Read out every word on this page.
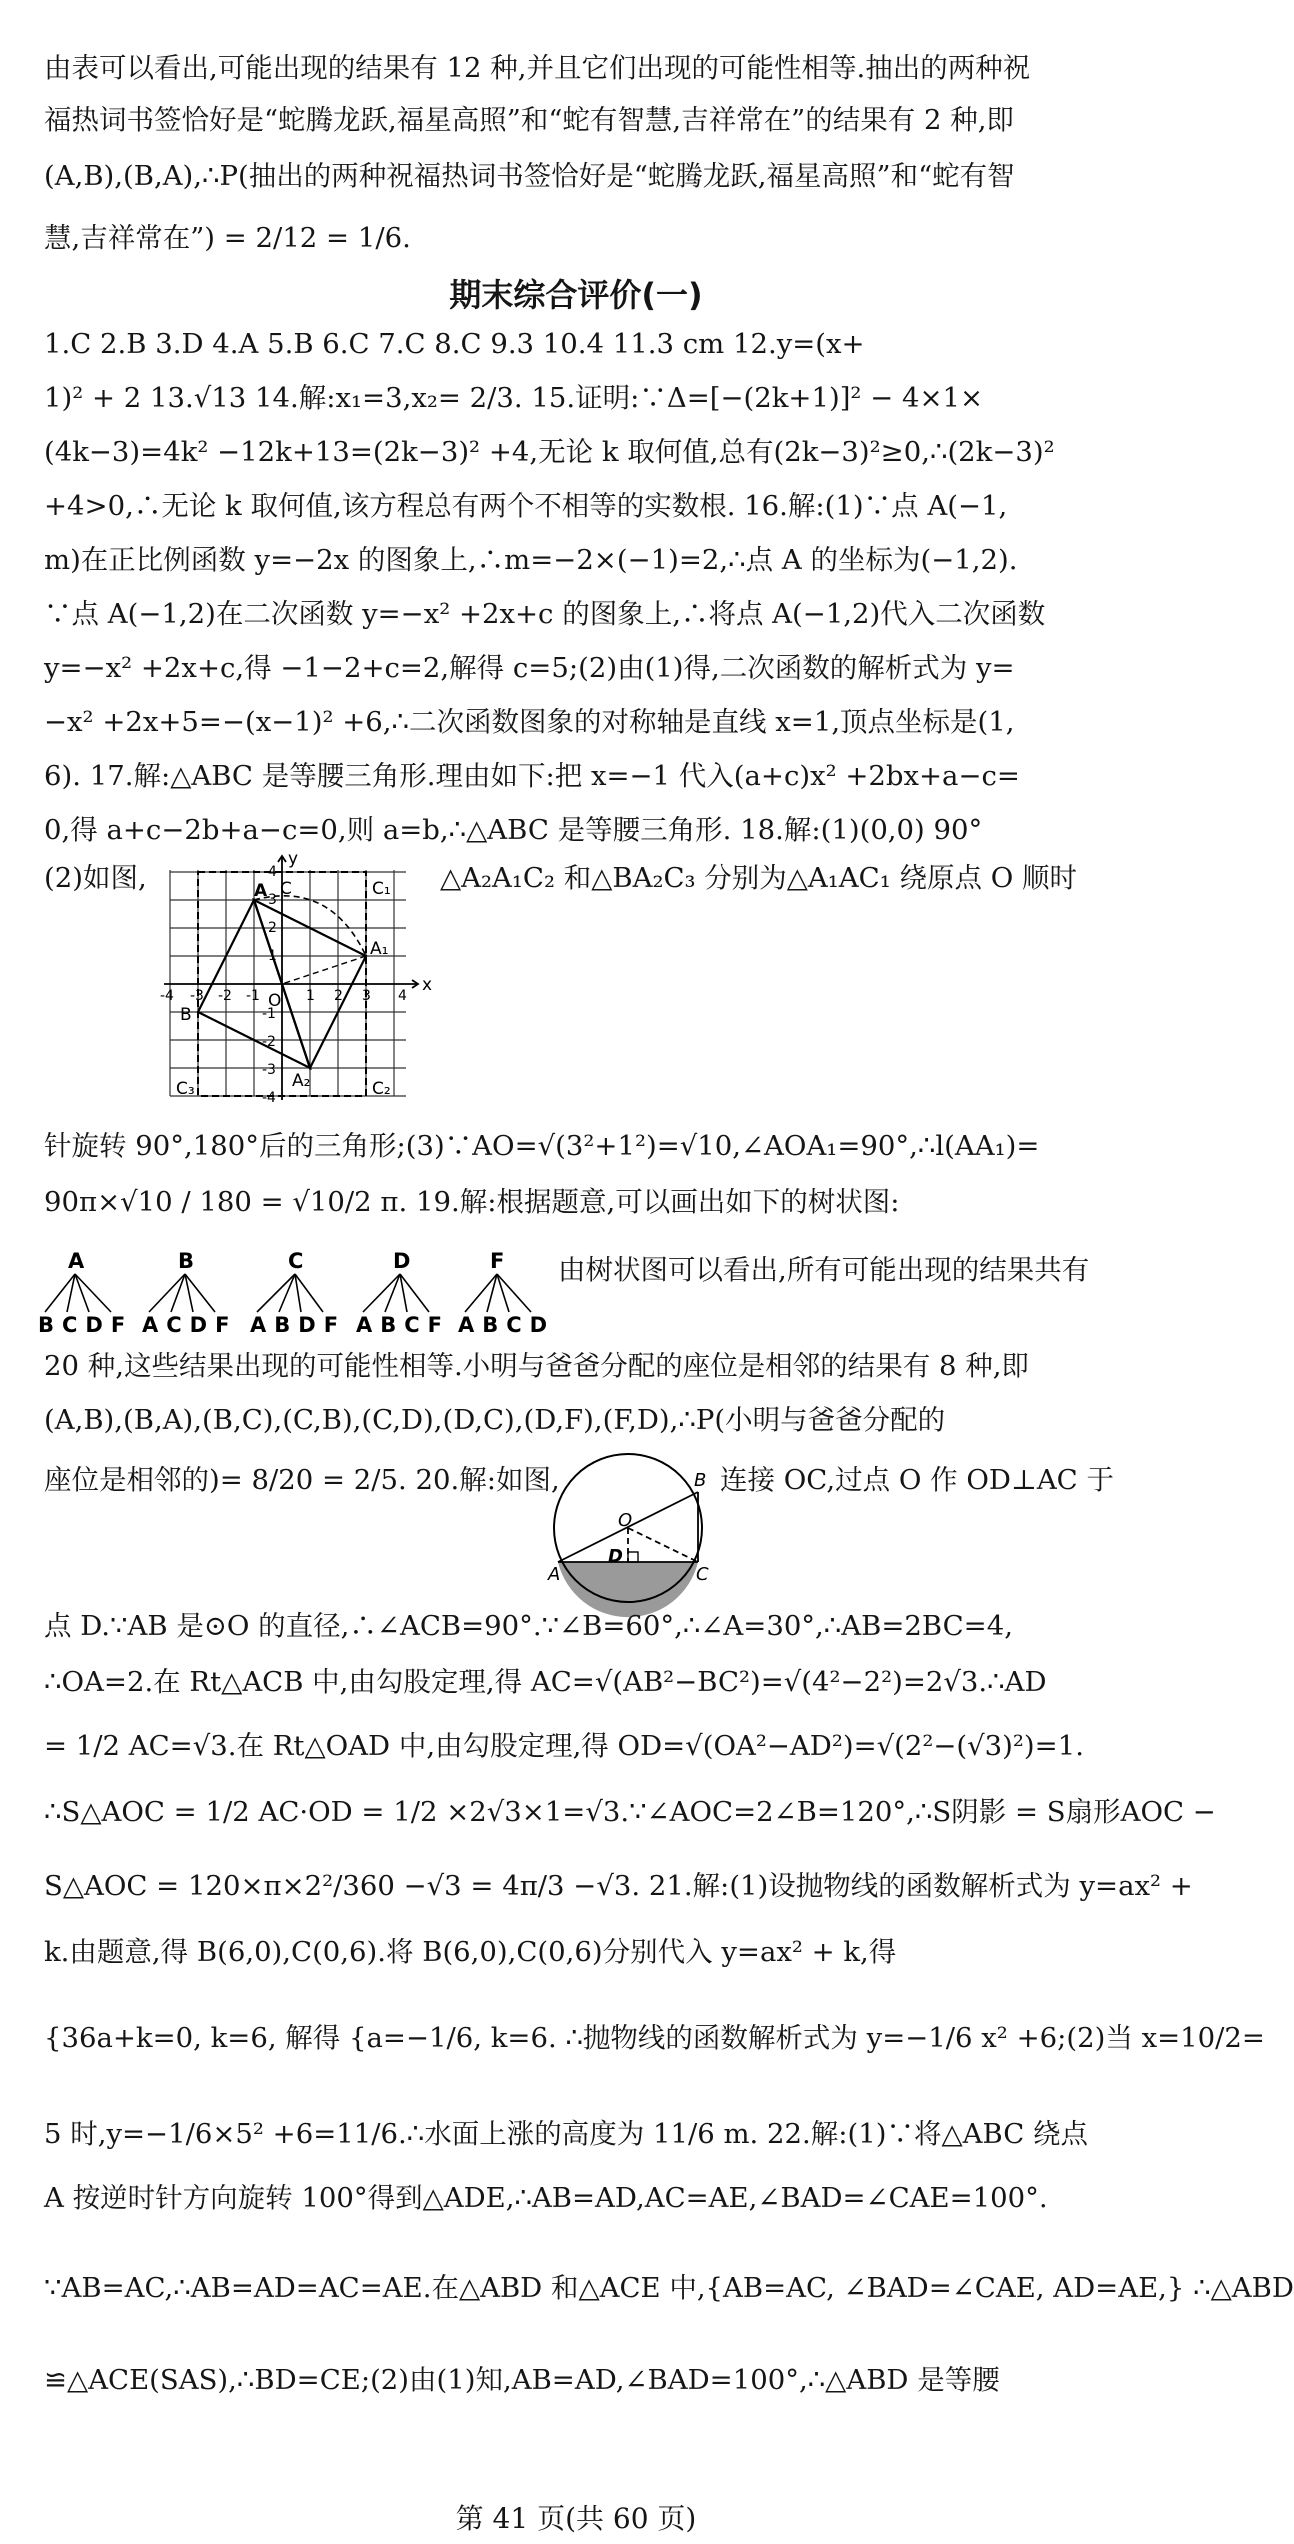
由表可以看出,可能出现的结果有 12 种,并且它们出现的可能性相等.抽出的两种祝
福热词书签恰好是“蛇腾龙跃,福星高照”和“蛇有智慧,吉祥常在”的结果有 2 种,即
(A,B),(B,A),∴P(抽出的两种祝福热词书签恰好是“蛇腾龙跃,福星高照”和“蛇有智
慧,吉祥常在”) = 2/12 = 1/6.
期末综合评价(一)
1.C 2.B 3.D 4.A 5.B 6.C 7.C 8.C 9.3 10.4 11.3 cm 12.y=(x+
1)² + 2 13.√13 14.解:x₁=3,x₂= 2/3. 15.证明:∵Δ=[−(2k+1)]² − 4×1×
(4k−3)=4k² −12k+13=(2k−3)² +4,无论 k 取何值,总有(2k−3)²≥0,∴(2k−3)²
+4>0,∴无论 k 取何值,该方程总有两个不相等的实数根. 16.解:(1)∵点 A(−1,
m)在正比例函数 y=−2x 的图象上,∴m=−2×(−1)=2,∴点 A 的坐标为(−1,2).
∵点 A(−1,2)在二次函数 y=−x² +2x+c 的图象上,∴将点 A(−1,2)代入二次函数
y=−x² +2x+c,得 −1−2+c=2,解得 c=5;(2)由(1)得,二次函数的解析式为 y=
−x² +2x+5=−(x−1)² +6,∴二次函数图象的对称轴是直线 x=1,顶点坐标是(1,
6). 17.解:△ABC 是等腰三角形.理由如下:把 x=−1 代入(a+c)x² +2bx+a−c=
0,得 a+c−2b+a−c=0,则 a=b,∴△ABC 是等腰三角形. 18.解:(1)(0,0) 90°
(2)如图,	△A₂A₁C₂ 和△BA₂C₃ 分别为△A₁AC₁ 绕原点 O 顺时
y
x
O
A
A₁
A₂
B
C	C₁
C₂
C₃
-4 -3 -2 -1	1 2 3 4
4
3
2
1
-1
-2
-3
-4
针旋转 90°,180°后的三角形;(3)∵AO=√(3²+1²)=√10,∠AOA₁=90°,∴l(AA₁)=
90π×√10 / 180 = √10/2 π. 19.解:根据题意,可以画出如下的树状图:
A	B	C	D	F
BCDF ACDF ABDF ABCF ABCD
由树状图可以看出,所有可能出现的结果共有
20 种,这些结果出现的可能性相等.小明与爸爸分配的座位是相邻的结果有 8 种,即
(A,B),(B,A),(B,C),(C,B),(C,D),(D,C),(D,F),(F,D),∴P(小明与爸爸分配的
座位是相邻的)= 8/20 = 2/5. 20.解:如图,
O
A
B
C
D
连接 OC,过点 O 作 OD⊥AC 于
点 D.∵AB 是⊙O 的直径,∴∠ACB=90°.∵∠B=60°,∴∠A=30°,∴AB=2BC=4,
∴OA=2.在 Rt△ACB 中,由勾股定理,得 AC=√(AB²−BC²)=√(4²−2²)=2√3.∴AD
= 1/2 AC=√3.在 Rt△OAD 中,由勾股定理,得 OD=√(OA²−AD²)=√(2²−(√3)²)=1.
∴S△AOC = 1/2 AC·OD = 1/2 ×2√3×1=√3.∵∠AOC=2∠B=120°,∴S阴影 = S扇形AOC −
S△AOC = 120×π×2²/360 −√3 = 4π/3 −√3. 21.解:(1)设抛物线的函数解析式为 y=ax² +
k.由题意,得 B(6,0),C(0,6).将 B(6,0),C(0,6)分别代入 y=ax² + k,得
{36a+k=0, k=6, 解得 {a=−1/6, k=6. ∴抛物线的函数解析式为 y=−1/6 x² +6;(2)当 x=10/2=
5 时,y=−1/6×5² +6=11/6.∴水面上涨的高度为 11/6 m. 22.解:(1)∵将△ABC 绕点
A 按逆时针方向旋转 100°得到△ADE,∴AB=AD,AC=AE,∠BAD=∠CAE=100°.
∵AB=AC,∴AB=AD=AC=AE.在△ABD 和△ACE 中,{AB=AC, ∠BAD=∠CAE, AD=AE,} ∴△ABD
≌△ACE(SAS),∴BD=CE;(2)由(1)知,AB=AD,∠BAD=100°,∴△ABD 是等腰
第 41 页(共 60 页)
